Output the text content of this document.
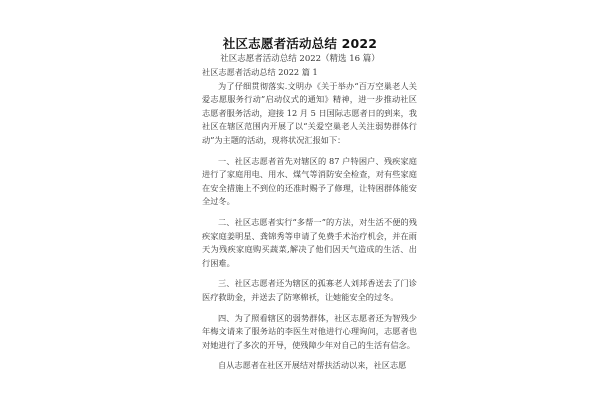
社区志愿者活动总结 2022
社区志愿者活动总结 2022（精选 16 篇）

社区志愿者活动总结 2022 篇 1

为了仔细贯彻落实.文明办《关于举办“百万空巢老人关爱志愿服务行动”启动仪式的通知》精神，进一步推动社区志愿者服务活动，迎接 12 月 5 日国际志愿者日的到来，我社区在辖区范围内开展了以“关爱空巢老人关注弱势群体行动”为主题的活动，现将状况汇报如下：

一、社区志愿者首先对辖区的 87 户特困户、残疾家庭进行了家庭用电、用水、煤气等消防安全检查，对有些家庭在安全措施上不到位的还准时赐予了修理，让特困群体能安全过冬。

二、社区志愿者实行“多帮一”的方法，对生活不便的残疾家庭姜明星、龚锦秀等申请了免费手术治疗机会，并在雨天为残疾家庭购买蔬菜,解决了他们因天气造成的生活、出行困难。

三、社区志愿者还为辖区的孤寡老人刘邦香送去了门诊医疗救助金，并送去了防寒棉袄，让她能安全的过冬。

四、为了照看辖区的弱势群体，社区志愿者还为智残少年梅文请来了服务站的李医生对他进行心理询问，志愿者也对她进行了多次的开导，使残障少年对自己的生活有信念。

自从志愿者在社区开展结对帮扶活动以来，社区志愿
